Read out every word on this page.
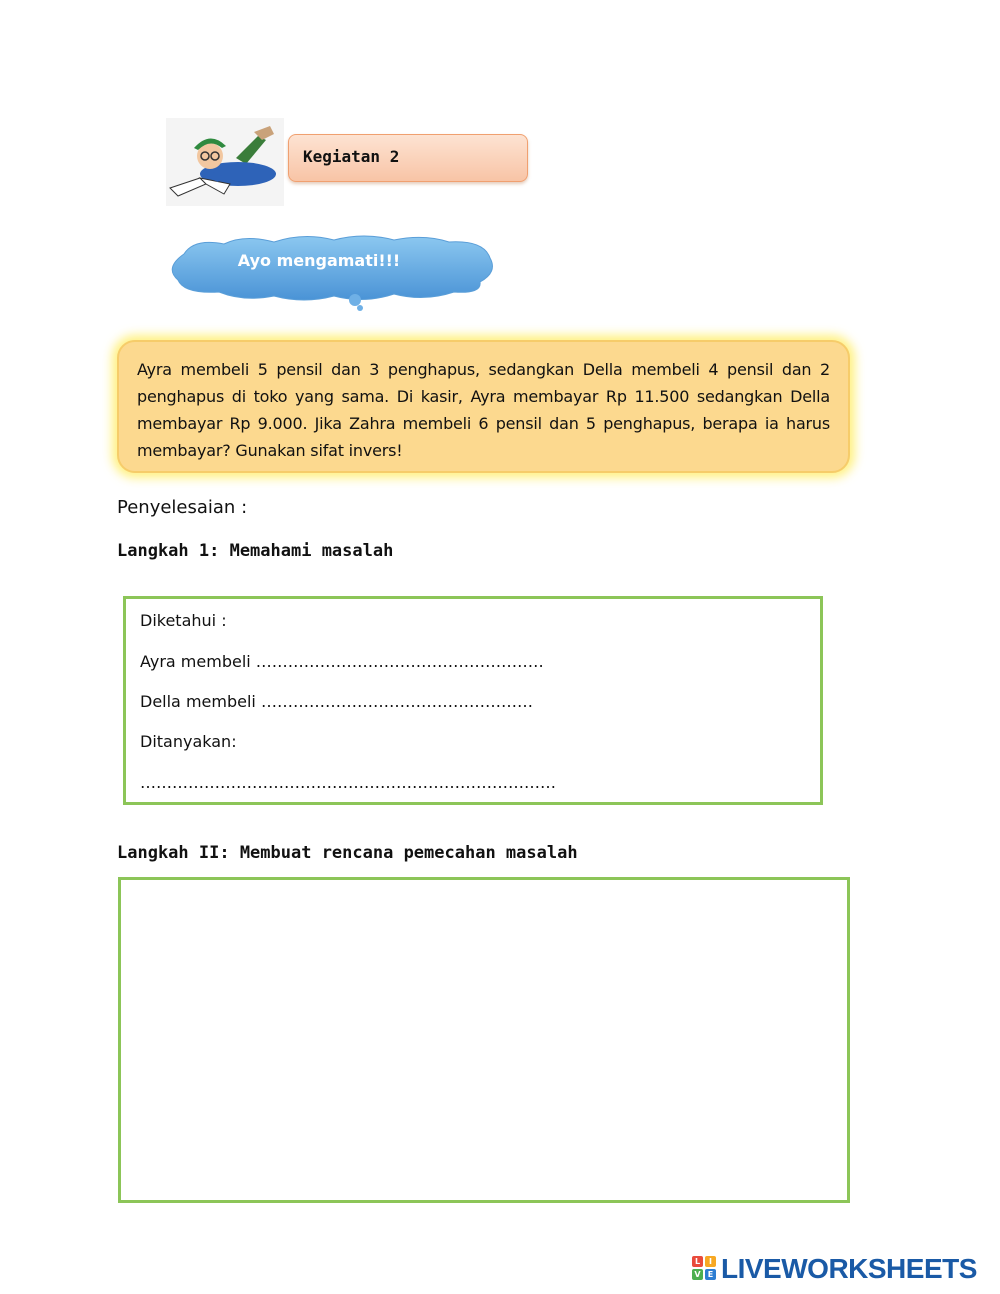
Kegiatan 2
Ayo mengamati!!!

Ayra membeli 5 pensil dan 3 penghapus, sedangkan Della membeli 4 pensil dan 2 penghapus di toko yang sama. Di kasir, Ayra membayar Rp 11.500 sedangkan Della membayar Rp 9.000. Jika Zahra membeli 6 pensil dan 5 penghapus, berapa ia harus membayar? Gunakan sifat invers!

Penyelesaian :
Langkah 1: Memahami masalah
Diketahui :
Ayra membeli ………………………………………………
Della membeli ……………………………………………
Ditanyakan:
……………………………………………………………………
Langkah II: Membuat rencana pemecahan masalah
L	I
V E LIVEWORKSHEETS
